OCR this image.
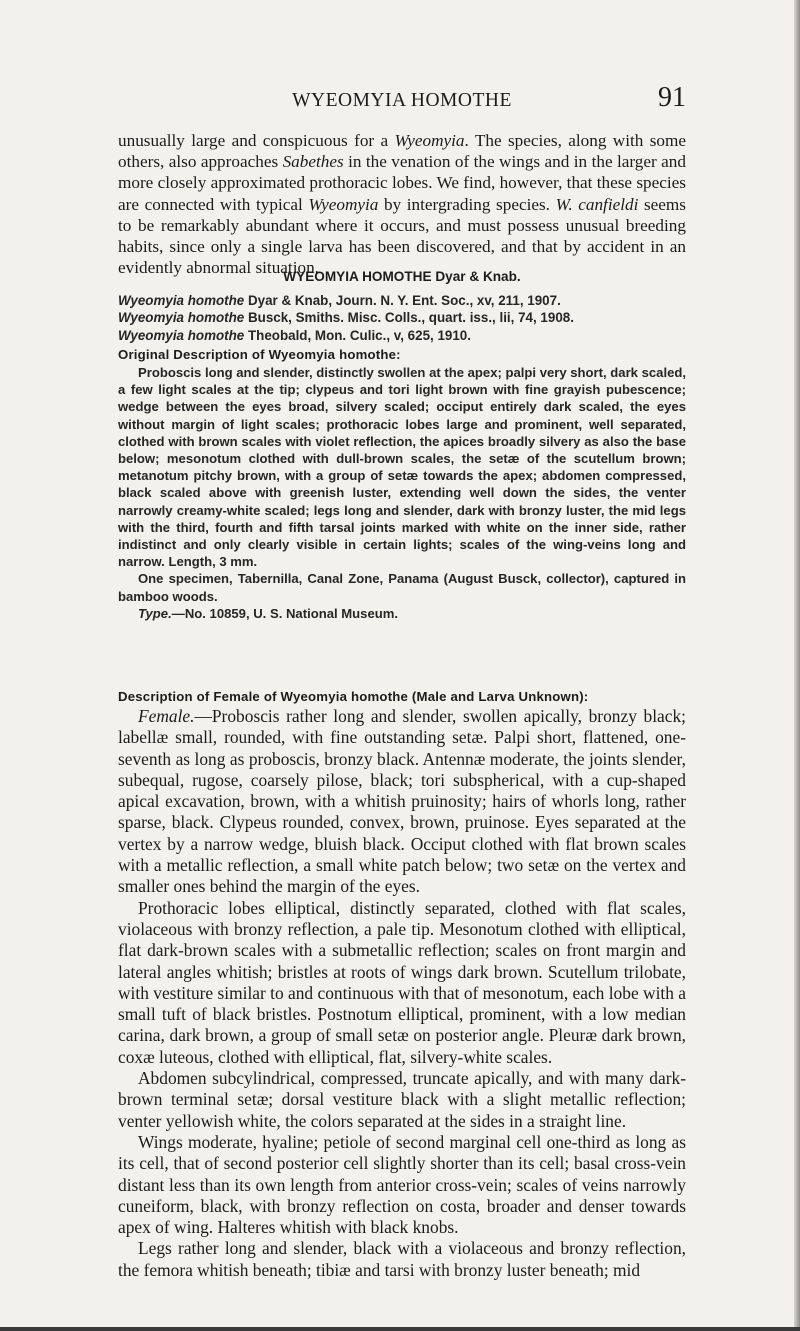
WYEOMYIA HOMOTHE	91

unusually large and conspicuous for a Wyeomyia. The species, along with some others, also approaches Sabethes in the venation of the wings and in the larger and more closely approximated prothoracic lobes. We find, however, that these species are connected with typical Wyeomyia by intergrading species. W. canfieldi seems to be remarkably abundant where it occurs, and must possess unusual breeding habits, since only a single larva has been discovered, and that by accident in an evidently abnormal situation.

WYEOMYIA HOMOTHE Dyar & Knab.
Wyeomyia homothe Dyar & Knab, Journ. N. Y. Ent. Soc., xv, 211, 1907.
Wyeomyia homothe Busck, Smiths. Misc. Colls., quart. iss., lii, 74, 1908.
Wyeomyia homothe Theobald, Mon. Culic., v, 625, 1910.
Original Description of Wyeomyia homothe:

Proboscis long and slender, distinctly swollen at the apex; palpi very short, dark scaled, a few light scales at the tip; clypeus and tori light brown with fine grayish pubescence; wedge between the eyes broad, silvery scaled; occiput entirely dark scaled, the eyes without margin of light scales; prothoracic lobes large and prominent, well separated, clothed with brown scales with violet reflection, the apices broadly silvery as also the base below; mesonotum clothed with dull-brown scales, the setæ of the scutellum brown; metanotum pitchy brown, with a group of setæ towards the apex; abdomen compressed, black scaled above with greenish luster, extending well down the sides, the venter narrowly creamy-white scaled; legs long and slender, dark with bronzy luster, the mid legs with the third, fourth and fifth tarsal joints marked with white on the inner side, rather indistinct and only clearly visible in certain lights; scales of the wing-veins long and narrow. Length, 3 mm.

One specimen, Tabernilla, Canal Zone, Panama (August Busck, collector), captured in bamboo woods.

Type.—No. 10859, U. S. National Museum.

Description of Female of Wyeomyia homothe (Male and Larva Unknown):

Female.—Proboscis rather long and slender, swollen apically, bronzy black; labellæ small, rounded, with fine outstanding setæ. Palpi short, flattened, one-seventh as long as proboscis, bronzy black. Antennæ moderate, the joints slender, subequal, rugose, coarsely pilose, black; tori subspherical, with a cup-shaped apical excavation, brown, with a whitish pruinosity; hairs of whorls long, rather sparse, black. Clypeus rounded, convex, brown, pruinose. Eyes separated at the vertex by a narrow wedge, bluish black. Occiput clothed with flat brown scales with a metallic reflection, a small white patch below; two setæ on the vertex and smaller ones behind the margin of the eyes.

Prothoracic lobes elliptical, distinctly separated, clothed with flat scales, violaceous with bronzy reflection, a pale tip. Mesonotum clothed with elliptical, flat dark-brown scales with a submetallic reflection; scales on front margin and lateral angles whitish; bristles at roots of wings dark brown. Scutellum trilobate, with vestiture similar to and continuous with that of mesonotum, each lobe with a small tuft of black bristles. Postnotum elliptical, prominent, with a low median carina, dark brown, a group of small setæ on posterior angle. Pleuræ dark brown, coxæ luteous, clothed with elliptical, flat, silvery-white scales.

Abdomen subcylindrical, compressed, truncate apically, and with many dark-brown terminal setæ; dorsal vestiture black with a slight metallic reflection; venter yellowish white, the colors separated at the sides in a straight line.

Wings moderate, hyaline; petiole of second marginal cell one-third as long as its cell, that of second posterior cell slightly shorter than its cell; basal cross-vein distant less than its own length from anterior cross-vein; scales of veins narrowly cuneiform, black, with bronzy reflection on costa, broader and denser towards apex of wing. Halteres whitish with black knobs.

Legs rather long and slender, black with a violaceous and bronzy reflection, the femora whitish beneath; tibiæ and tarsi with bronzy luster beneath; mid
